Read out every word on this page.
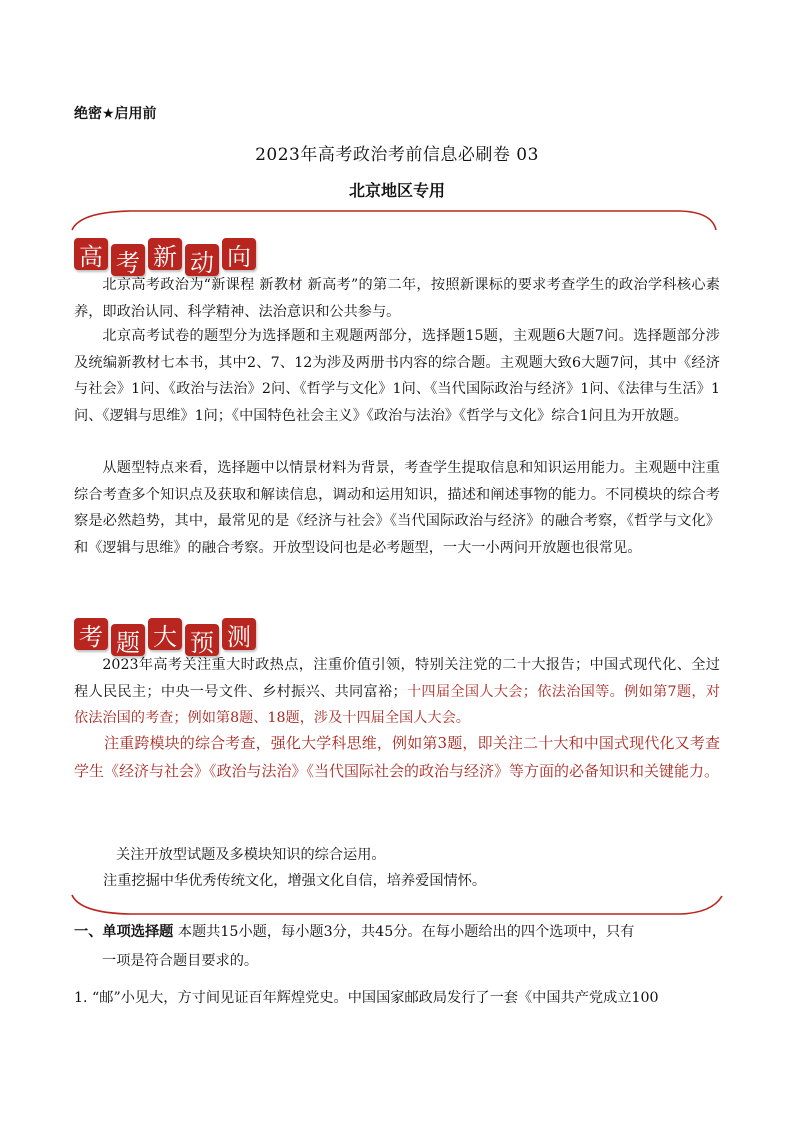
绝密★启用前
2023年高考政治考前信息必刷卷 03
北京地区专用
高 考 新 动 向

北京高考政治为“新课程 新教材 新高考”的第二年，按照新课标的要求考查学生的政治学科核心素养，即政治认同、科学精神、法治意识和公共参与。

北京高考试卷的题型分为选择题和主观题两部分，选择题15题，主观题6大题7问。选择题部分涉及统编新教材七本书，其中2、7、12为涉及两册书内容的综合题。主观题大致6大题7问，其中《经济与社会》1问、《政治与法治》2问、《哲学与文化》1问、《当代国际政治与经济》1问、《法律与生活》1问、《逻辑与思维》1问；《中国特色社会主义》《政治与法治》《哲学与文化》综合1问且为开放题。

从题型特点来看，选择题中以情景材料为背景，考查学生提取信息和知识运用能力。主观题中注重综合考查多个知识点及获取和解读信息，调动和运用知识，描述和阐述事物的能力。不同模块的综合考察是必然趋势，其中，最常见的是《经济与社会》《当代国际政治与经济》的融合考察，《哲学与文化》和《逻辑与思维》的融合考察。开放型设问也是必考题型，一大一小两问开放题也很常见。

考 题 大 预 测

2023年高考关注重大时政热点，注重价值引领，特别关注党的二十大报告；中国式现代化、全过程人民民主；中央一号文件、乡村振兴、共同富裕；十四届全国人大会；依法治国等。例如第7题，对依法治国的考查；例如第8题、18题，涉及十四届全国人大会。

注重跨模块的综合考查，强化大学科思维，例如第3题，即关注二十大和中国式现代化又考查学生《经济与社会》《政治与法治》《当代国际社会的政治与经济》等方面的必备知识和关键能力。

关注开放型试题及多模块知识的综合运用。

注重挖掘中华优秀传统文化，增强文化自信，培养爱国情怀。

一、单项选择题 本题共15小题，每小题3分，共45分。在每小题给出的四个选项中，只有
一项是符合题目要求的。

1. “邮”小见大，方寸间见证百年辉煌党史。中国国家邮政局发行了一套《中国共产党成立100
